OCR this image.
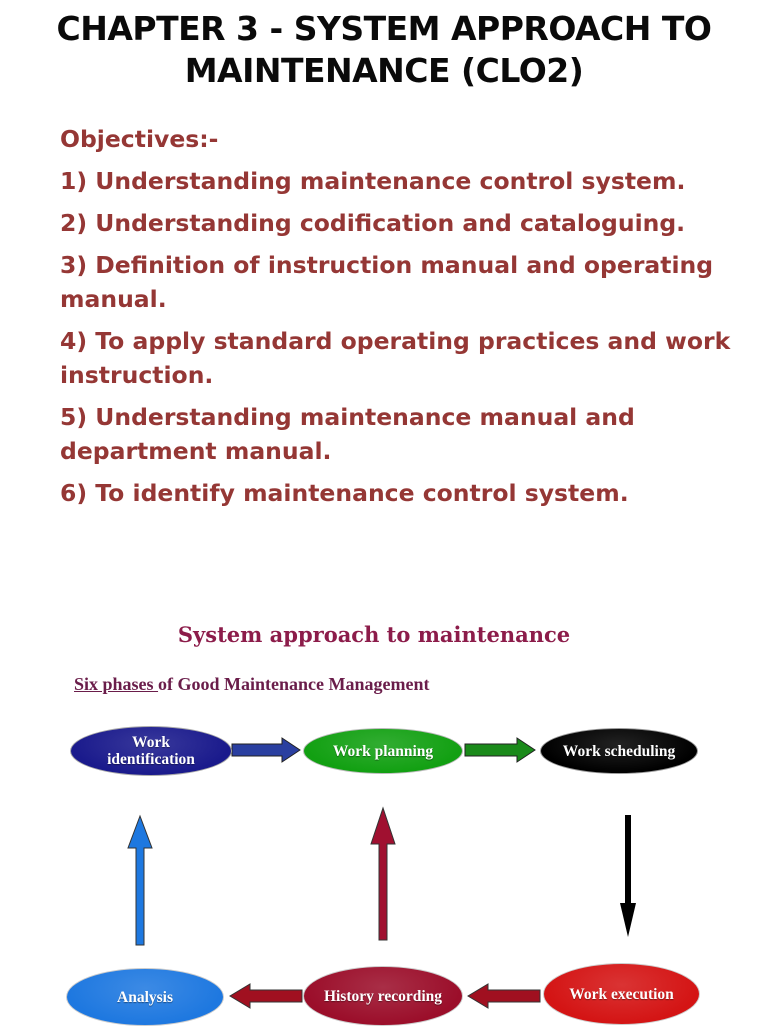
CHAPTER 3 - SYSTEM APPROACH TO
MAINTENANCE (CLO2)
Objectives:-
1) Understanding maintenance control system.
2) Understanding codification and cataloguing.
3) Definition of instruction manual and operating manual.
4) To apply standard operating practices and work instruction.
5) Understanding maintenance manual and department manual.
6) To identify maintenance control system.
System approach to maintenance
Six phases of Good Maintenance Management
Work
identification	Work planning	Work scheduling
Work execution
History recording
Analysis
